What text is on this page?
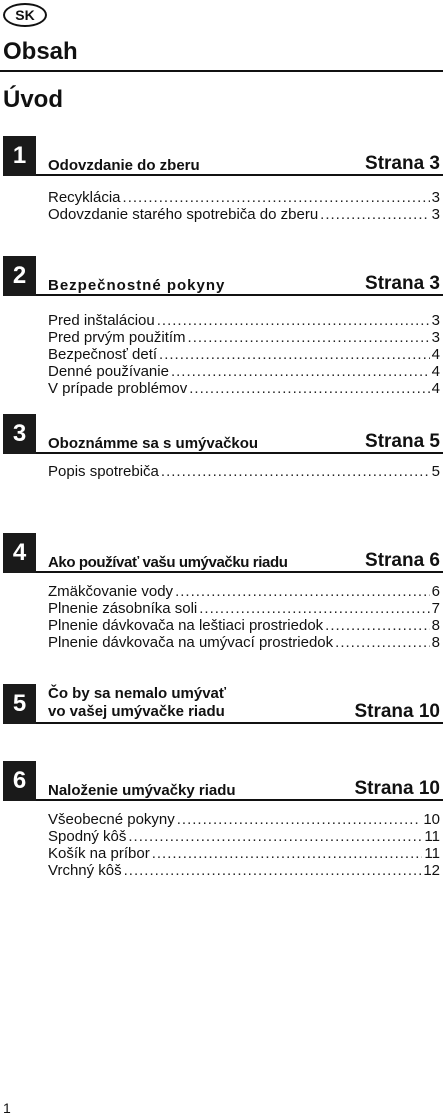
SK
Obsah
Úvod
1	Odovzdanie do zberu	Strana 3
Recyklácia .....	3
Odovzdanie starého spotrebiča do zberu .....	3
2	Bezpečnostné pokyny	Strana 3
Pred inštaláciou .....	3
Pred prvým použitím .....	3
Bezpečnosť detí .....	4
Denné používanie .....	4
V prípade problémov .....	4
3	Oboznámme sa s umývačkou	Strana 5
Popis spotrebiča .....	5
4	Ako používať vašu umývačku riadu	Strana 6
Zmäkčovanie vody .....	6
Plnenie zásobníka soli .....	7
Plnenie dávkovača na leštiaci prostriedok .....	8
Plnenie dávkovača na umývací prostriedok .....	8
5	Čo by sa nemalo umývať
vo vašej umývačke riadu	Strana 10
6	Naloženie umývačky riadu	Strana 10
Všeobecné pokyny .....	10
Spodný kôš .....	11
Košík na príbor .....	11
Vrchný kôš .....	12
1
